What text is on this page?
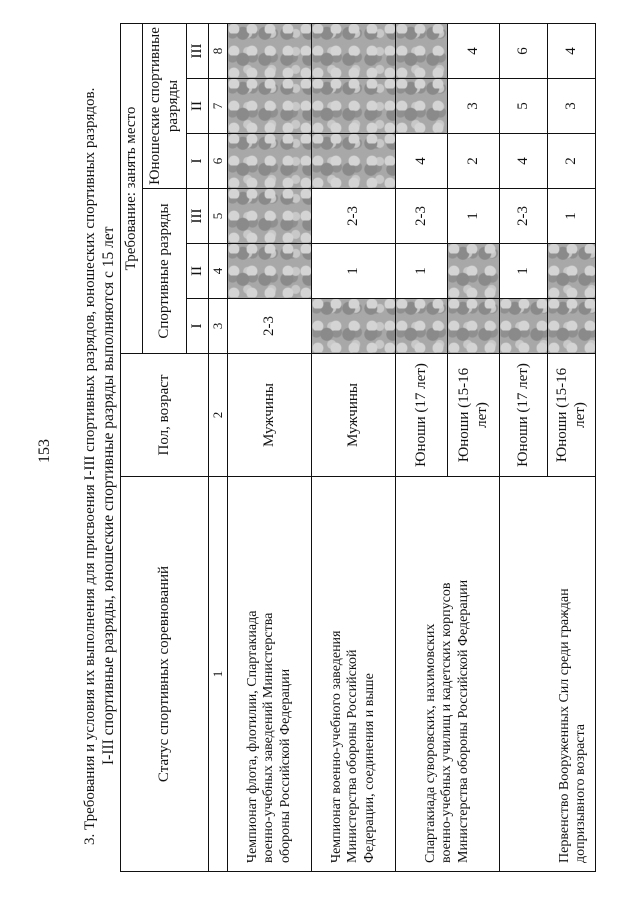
153 3. Требования и условия их выполнения для присвоения I-III спортивных разрядов, юношеских спортивных разрядов. I-III спортивные разряды, юношеские спортивные разряды выполняются с 15 лет	Статус спортивных соревнований	Пол, возраст	Требование: занять место					
		Спортивные разряды			Юношеские спортивные разряды		
		I	II	III	I	II	III
1	2	3	4	5	6	7	8

Чемпионат флота, флотилии, Спартакиада военно-учебных заведений Министерства обороны Российской Федерации	Мужчины	2-3					

Чемпионат военно-учебного заведения Министерства обороны Российской Федерации, соединения и выше	Мужчины		1	2-3			

Спартакиада суворовских, нахимовских военно-учебных училищ и кадетских корпусов Министерства обороны Российской Федерации	Юноши (17 лет)		1	2-3	4		
	Юноши (15-16 лет)			1	2	3	4

Первенство Вооруженных Сил среди граждан допризывного возраста	Юноши (17 лет)		1	2-3	4	5	6
	Юноши (15-16 лет)			1	2	3	4
